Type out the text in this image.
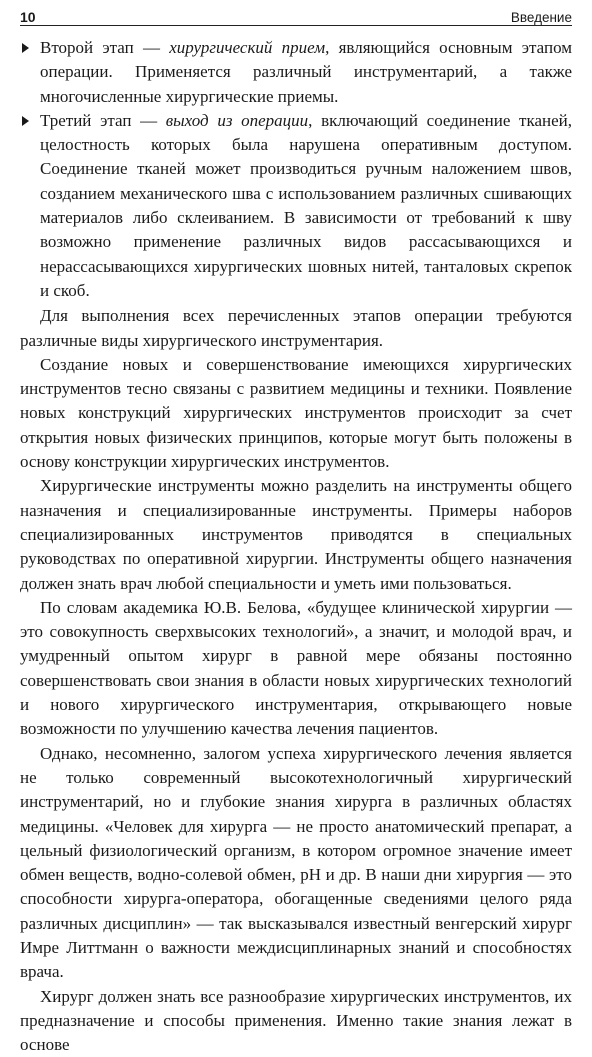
10	Введение

Второй этап — хирургический прием, являющийся основным этапом операции. Применяется различный инструментарий, а также многочисленные хирургические приемы.

Третий этап — выход из операции, включающий соединение тканей, целостность которых была нарушена оперативным доступом. Соединение тканей может производиться ручным наложением швов, созданием механического шва с использованием различных сшивающих материалов либо склеиванием. В зависимости от требований к шву возможно применение различных видов рассасывающихся и нерассасывающихся хирургических шовных нитей, танталовых скрепок и скоб.

Для выполнения всех перечисленных этапов операции требуются различные виды хирургического инструментария.

Создание новых и совершенствование имеющихся хирургических инструментов тесно связаны с развитием медицины и техники. Появление новых конструкций хирургических инструментов происходит за счет открытия новых физических принципов, которые могут быть положены в основу конструкции хирургических инструментов.

Хирургические инструменты можно разделить на инструменты общего назначения и специализированные инструменты. Примеры наборов специализированных инструментов приводятся в специальных руководствах по оперативной хирургии. Инструменты общего назначения должен знать врач любой специальности и уметь ими пользоваться.

По словам академика Ю.В. Белова, «будущее клинической хирургии — это совокупность сверхвысоких технологий», а значит, и молодой врач, и умудренный опытом хирург в равной мере обязаны постоянно совершенствовать свои знания в области новых хирургических технологий и нового хирургического инструментария, открывающего новые возможности по улучшению качества лечения пациентов.

Однако, несомненно, залогом успеха хирургического лечения является не только современный высокотехнологичный хирургический инструментарий, но и глубокие знания хирурга в различных областях медицины. «Человек для хирурга — не просто анатомический препарат, а цельный физиологический организм, в котором огромное значение имеет обмен веществ, водно-солевой обмен, pH и др. В наши дни хирургия — это способности хирурга-оператора, обогащенные сведениями целого ряда различных дисциплин» — так высказывался известный венгерский хирург Имре Литтманн о важности междисциплинарных знаний и способностях врача.

Хирург должен знать все разнообразие хирургических инструментов, их предназначение и способы применения. Именно такие знания лежат в основе
